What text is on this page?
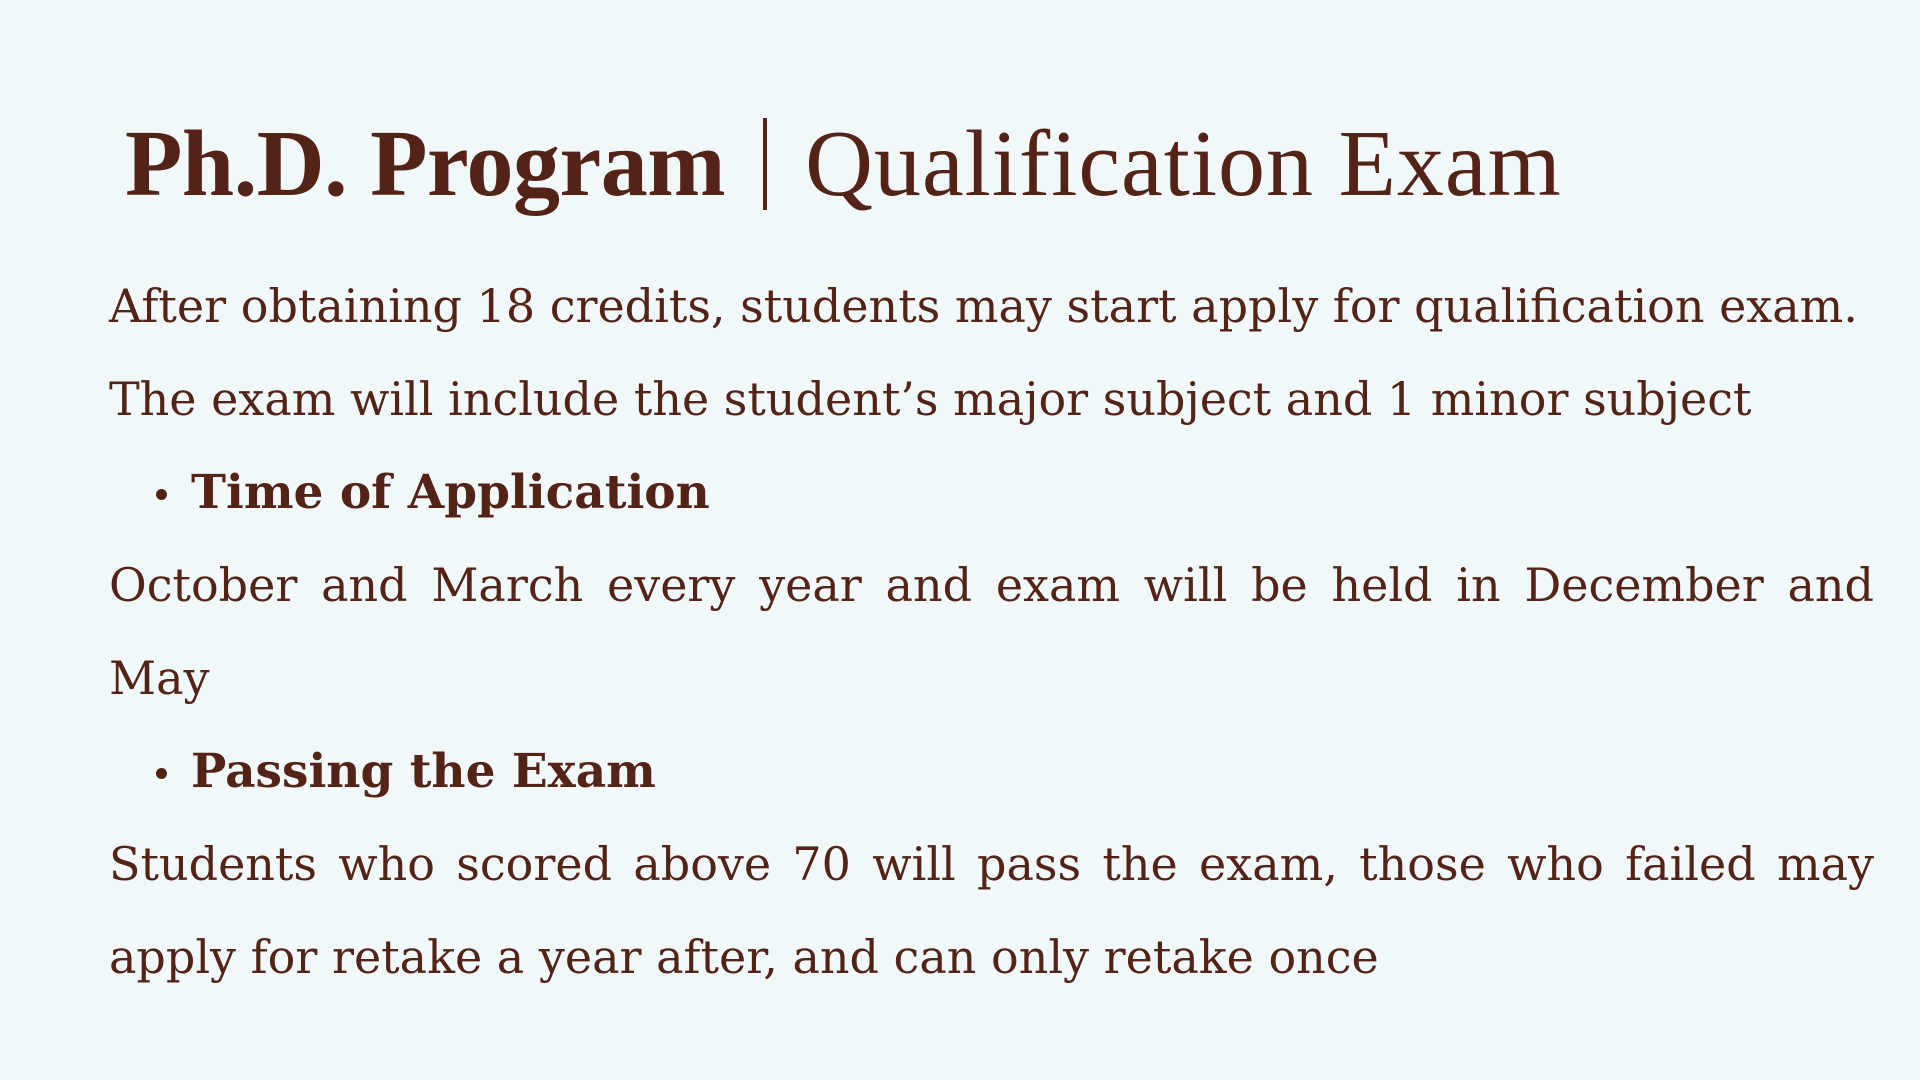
Ph.D. Program Qualification Exam

After obtaining 18 credits, students may start apply for qualification exam.

The exam will include the student’s major subject and 1 minor subject

Time of Application

October and March every year and exam will be held in December and May

Passing the Exam

Students who scored above 70 will pass the exam, those who failed may apply for retake a year after, and can only retake once
